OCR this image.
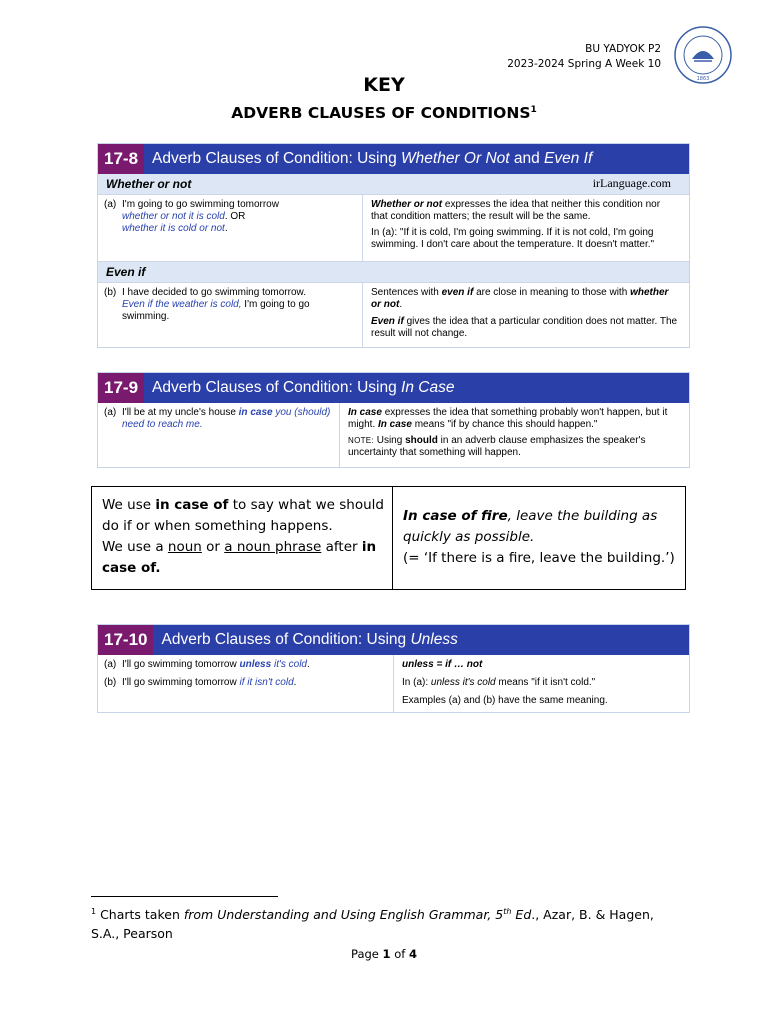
BU YADYOK P2
2023-2024 Spring A Week 10
1863
KEY
ADVERB CLAUSES OF CONDITIONS$^1$
17-8 Adverb Clauses of Condition: Using Whether Or Not and Even If
Whether or not	irLanguage.com
(a) I'm going to go swimming tomorrow
whether or not it is cold. OR
whether it is cold or not.
Whether or not expresses the idea that neither this condition nor that condition matters; the result will be the same.
In (a): "If it is cold, I'm going swimming. If it is not cold, I'm going swimming. I don't care about the temperature. It doesn't matter."
Even if
(b) I have decided to go swimming tomorrow.
Even if the weather is cold, I'm going to go swimming.
Sentences with even if are close in meaning to those with whether or not.
Even if gives the idea that a particular condition does not matter. The result will not change.
17-9 Adverb Clauses of Condition: Using In Case
(a) I'll be at my uncle's house in case you (should) need to reach me.
In case expresses the idea that something probably won't happen, but it might. In case means "if by chance this should happen."
NOTE: Using should in an adverb clause emphasizes the speaker's uncertainty that something will happen.
We use in case of to say what we should do if or when something happens.
We use a noun or a noun phrase after in case of.	In case of fire, leave the building as quickly as possible.
(= ‘If there is a fire, leave the building.’)
17-10 Adverb Clauses of Condition: Using Unless
(a) I'll go swimming tomorrow unless it's cold.
(b) I'll go swimming tomorrow if it isn't cold.
unless = if … not
In (a): unless it's cold means "if it isn't cold."
Examples (a) and (b) have the same meaning.
$^1$ Charts taken from Understanding and Using English Grammar, 5th Ed., Azar, B. & Hagen, S.A., Pearson
Page 1 of 4
